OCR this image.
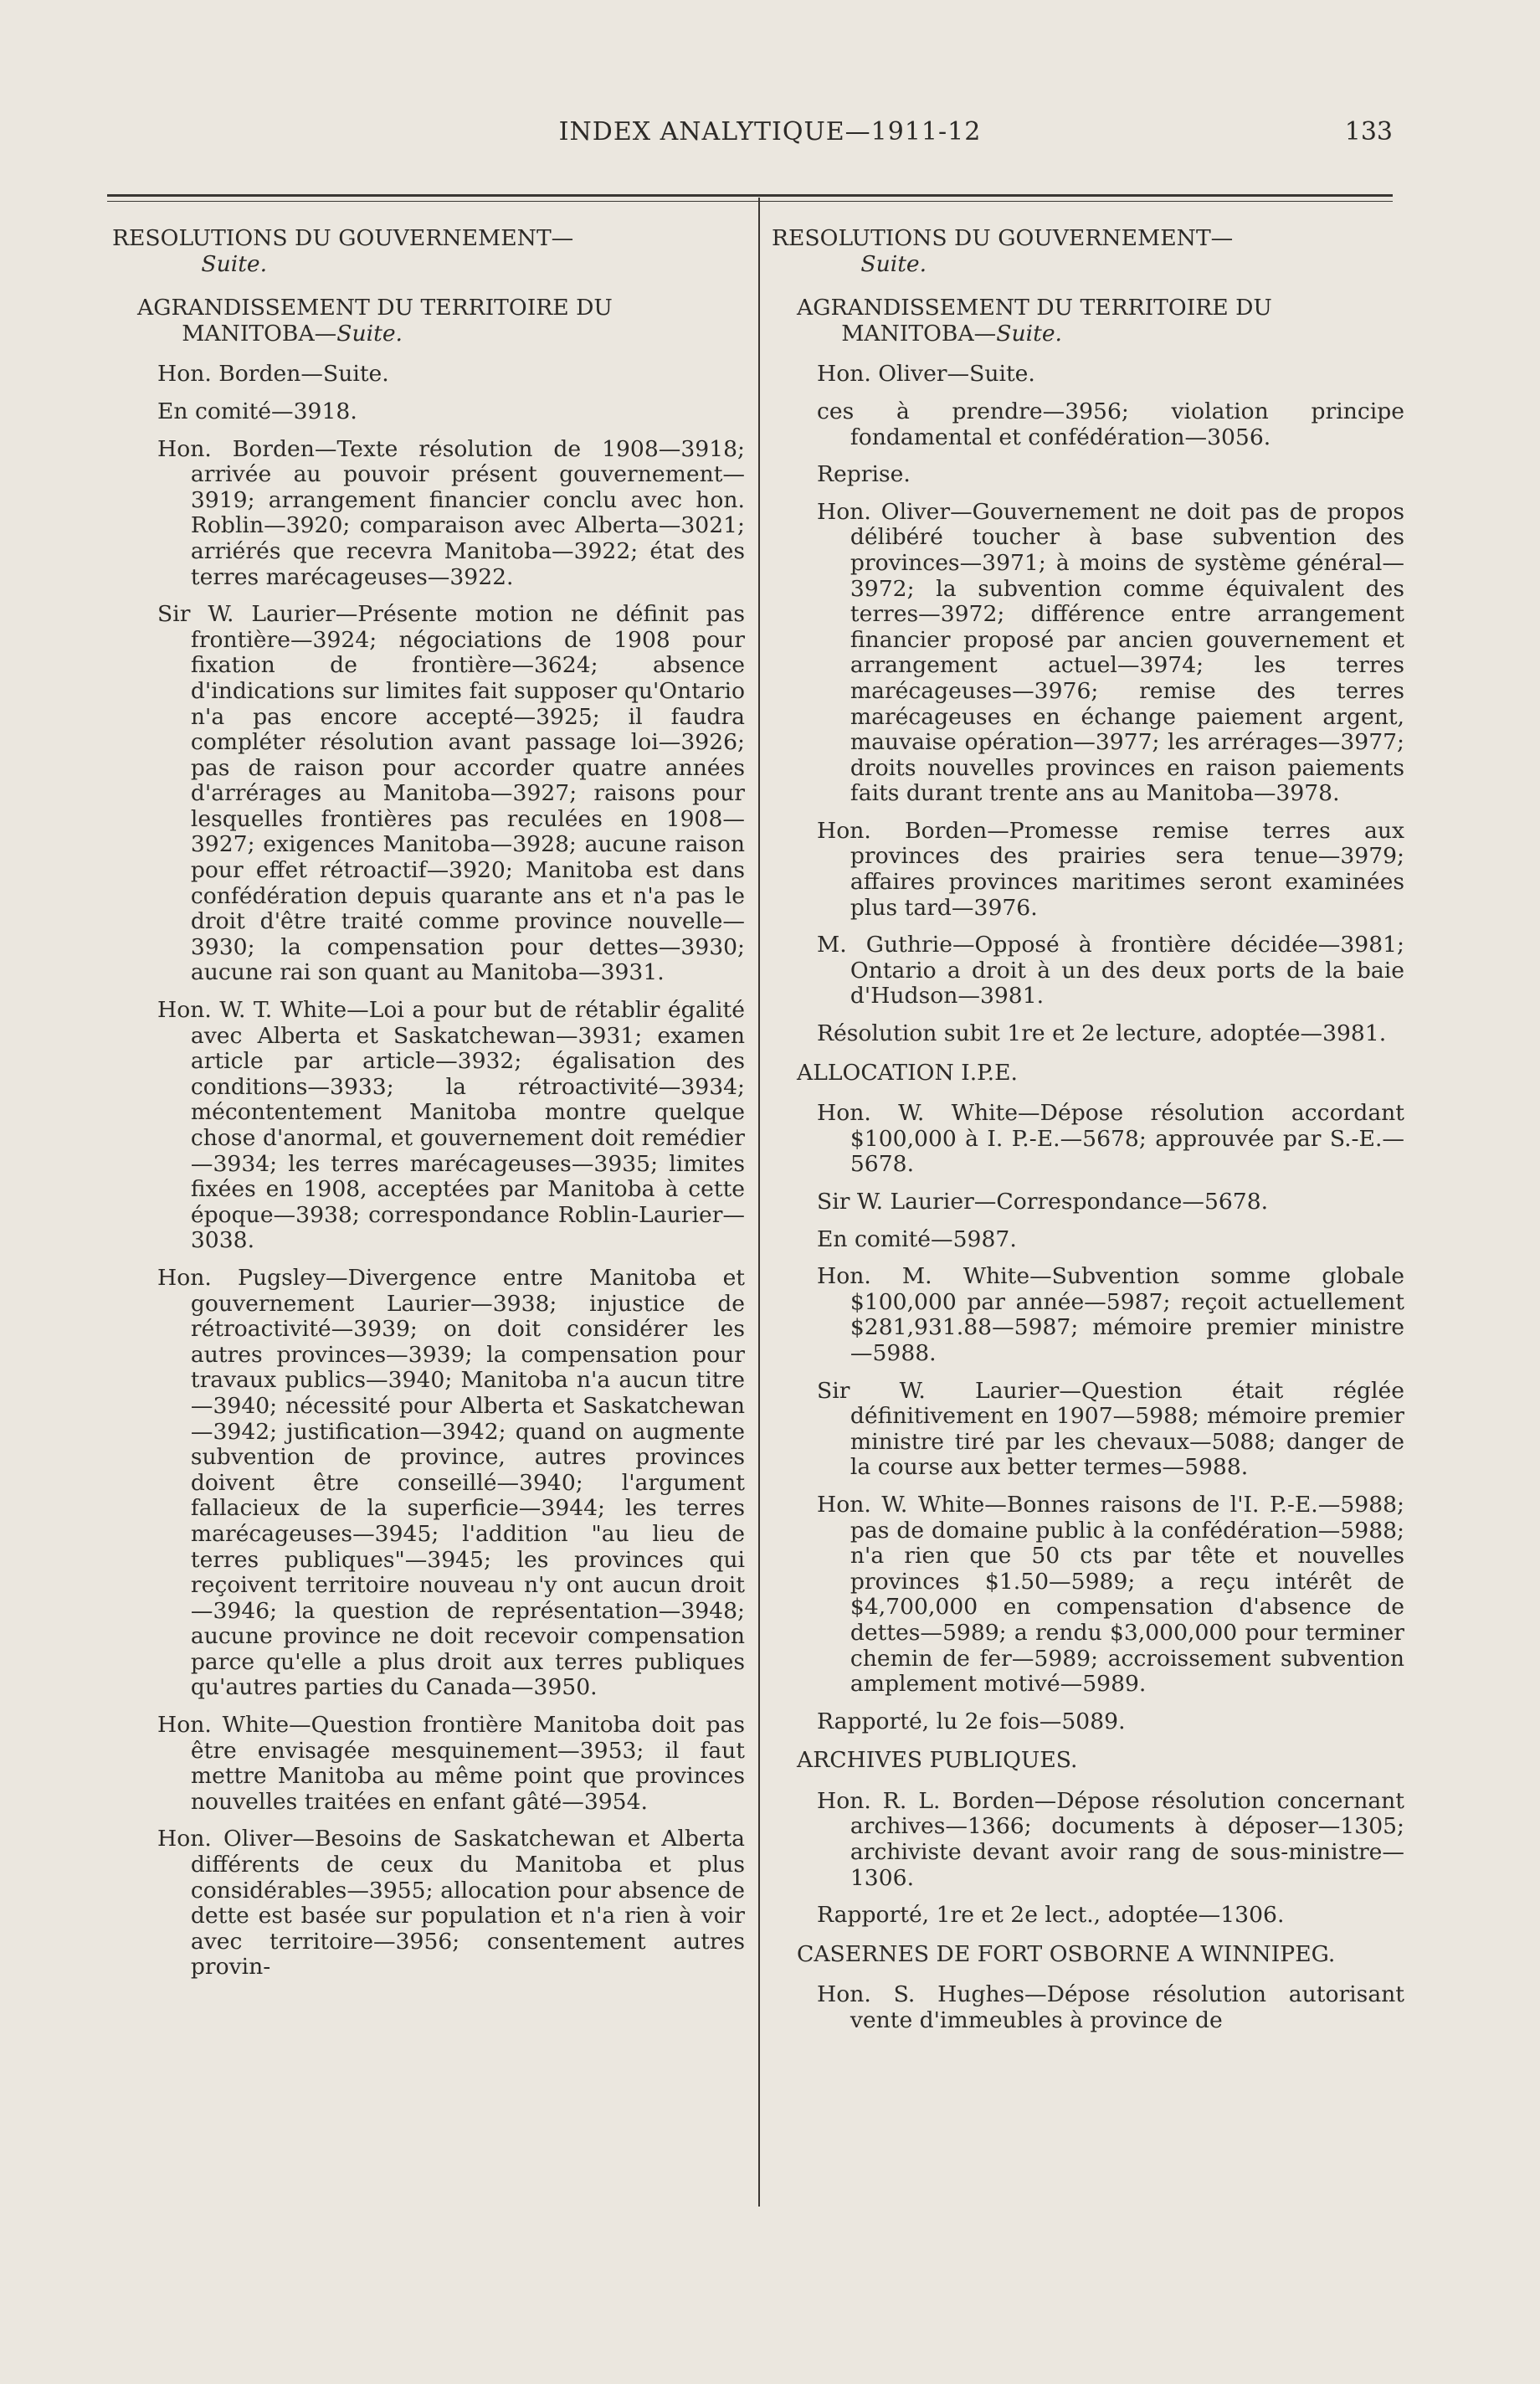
INDEX ANALYTIQUE—1911-12	133
RESOLUTIONS DU GOUVERNEMENT—
Suite.
AGRANDISSEMENT DU TERRITOIRE DU MANITOBA—Suite.
Hon. Borden—Suite.
En comité—3918.
Hon. Borden—Texte résolution de 1908—3918; arrivée au pouvoir présent gouvernement—3919; arrangement financier conclu avec hon. Roblin—3920; comparaison avec Alberta—3021; arriérés que recevra Manitoba—3922; état des terres marécageuses—3922.
Sir W. Laurier—Présente motion ne définit pas frontière—3924; négociations de 1908 pour fixation de frontière—3624; absence d'indications sur limites fait supposer qu'Ontario n'a pas encore accepté—3925; il faudra compléter résolution avant passage loi—3926; pas de raison pour accorder quatre années d'arrérages au Manitoba—3927; raisons pour lesquelles frontières pas reculées en 1908—3927; exigences Manitoba—3928; aucune raison pour effet rétroactif—3920; Manitoba est dans confédération depuis quarante ans et n'a pas le droit d'être traité comme province nouvelle—3930; la compensation pour dettes—3930; aucune rai son quant au Manitoba—3931.
Hon. W. T. White—Loi a pour but de rétablir égalité avec Alberta et Saskatchewan—3931; examen article par article—3932; égalisation des conditions—3933; la rétroactivité—3934; mécontentement Manitoba montre quelque chose d'anormal, et gouvernement doit remédier—3934; les terres marécageuses—3935; limites fixées en 1908, acceptées par Manitoba à cette époque—3938; correspondance Roblin-Laurier—3038.
Hon. Pugsley—Divergence entre Manitoba et gouvernement Laurier—3938; injustice de rétroactivité—3939; on doit considérer les autres provinces—3939; la compensation pour travaux publics—3940; Manitoba n'a aucun titre—3940; nécessité pour Alberta et Saskatchewan—3942; justification—3942; quand on augmente subvention de province, autres provinces doivent être conseillé—3940; l'argument fallacieux de la superficie—3944; les terres marécageuses—3945; l'addition "au lieu de terres publiques"—3945; les provinces qui reçoivent territoire nouveau n'y ont aucun droit—3946; la question de représentation—3948; aucune province ne doit recevoir compensation parce qu'elle a plus droit aux terres publiques qu'autres parties du Canada—3950.
Hon. White—Question frontière Manitoba doit pas être envisagée mesquinement—3953; il faut mettre Manitoba au même point que provinces nouvelles traitées en enfant gâté—3954.
Hon. Oliver—Besoins de Saskatchewan et Alberta différents de ceux du Manitoba et plus considérables—3955; allocation pour absence de dette est basée sur population et n'a rien à voir avec territoire—3956; consentement autres provin-
RESOLUTIONS DU GOUVERNEMENT—
Suite.
AGRANDISSEMENT DU TERRITOIRE DU MANITOBA—Suite.
Hon. Oliver—Suite.
ces à prendre—3956; violation principe fondamental et confédération—3056.
Reprise.
Hon. Oliver—Gouvernement ne doit pas de propos délibéré toucher à base subvention des provinces—3971; à moins de système général—3972; la subvention comme équivalent des terres—3972; différence entre arrangement financier proposé par ancien gouvernement et arrangement actuel—3974; les terres marécageuses—3976; remise des terres marécageuses en échange paiement argent, mauvaise opération—3977; les arrérages—3977; droits nouvelles provinces en raison paiements faits durant trente ans au Manitoba—3978.
Hon. Borden—Promesse remise terres aux provinces des prairies sera tenue—3979; affaires provinces maritimes seront examinées plus tard—3976.
M. Guthrie—Opposé à frontière décidée—3981; Ontario a droit à un des deux ports de la baie d'Hudson—3981.
Résolution subit 1re et 2e lecture, adoptée—3981.
ALLOCATION I.P.E.
Hon. W. White—Dépose résolution accordant $100,000 à I. P.-E.—5678; approuvée par S.-E.—5678.
Sir W. Laurier—Correspondance—5678.
En comité—5987.
Hon. M. White—Subvention somme globale $100,000 par année—5987; reçoit actuellement $281,931.88—5987; mémoire premier ministre—5988.
Sir W. Laurier—Question était réglée définitivement en 1907—5988; mémoire premier ministre tiré par les chevaux—5088; danger de la course aux better termes—5988.
Hon. W. White—Bonnes raisons de l'I. P.-E.—5988; pas de domaine public à la confédération—5988; n'a rien que 50 cts par tête et nouvelles provinces $1.50—5989; a reçu intérêt de $4,700,000 en compensation d'absence de dettes—5989; a rendu $3,000,000 pour terminer chemin de fer—5989; accroissement subvention amplement motivé—5989.
Rapporté, lu 2e fois—5089.
ARCHIVES PUBLIQUES.
Hon. R. L. Borden—Dépose résolution concernant archives—1366; documents à déposer—1305; archiviste devant avoir rang de sous-ministre—1306.
Rapporté, 1re et 2e lect., adoptée—1306.
CASERNES DE FORT OSBORNE A WINNIPEG.
Hon. S. Hughes—Dépose résolution autorisant vente d'immeubles à province de
